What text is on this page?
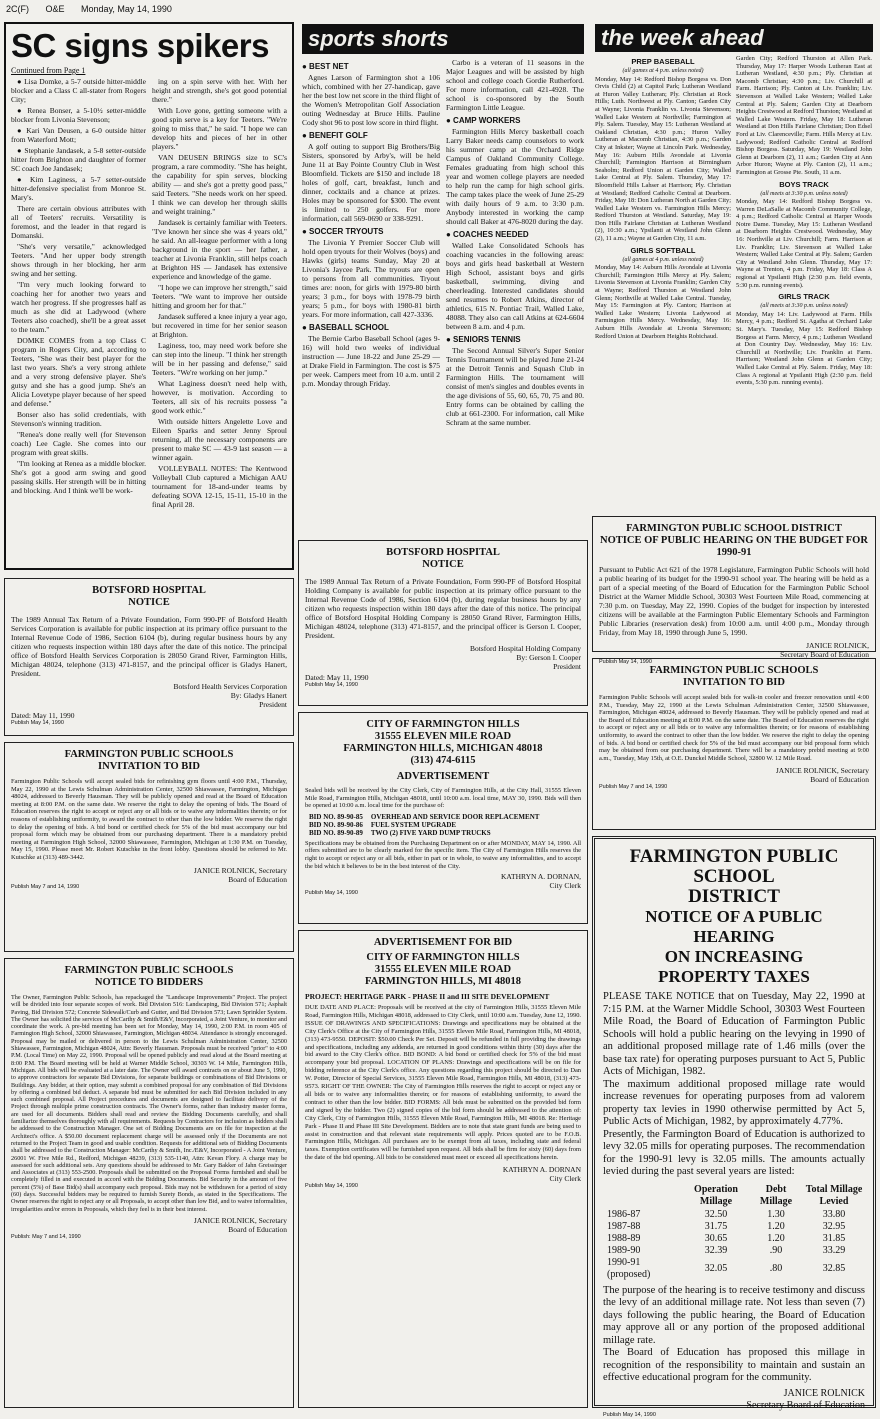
2C(F) O&E Monday, May 14, 1990
SC signs spikers
Continued from Page 1

● Lisa Domke, a 5-7 outside hitter-middle blocker and a Class C all-stater from Rogers City;

● Renea Bonser, a 5-10½ setter-middle blocker from Livonia Stevenson;

● Kari Van Deusen, a 6-0 outside hitter from Waterford Mott;

● Stephanie Jandasek, a 5-8 setter-outside hitter from Brighton and daughter of former SC coach Joe Jandasek;

● Kim Laginess, a 5-7 setter-outside hitter-defensive specialist from Monroe St. Mary's.

There are certain obvious attributes with all of Teeters' recruits. Versatility is foremost, and the leader in that regard is Domanski.

"She's very versatile," acknowledged Teeters. "And her upper body strength shows through in her blocking, her arm swing and her setting.

"I'm very much looking forward to coaching her for another two years and watch her progress. If she progresses half as much as she did at Ladywood (where Teeters also coached), she'll be a great asset to the team."

DOMKE COMES from a top Class C program in Rogers City, and, according to Teeters, "She was their best player for the last two years. She's a very strong athlete and a very strong defensive player. She's gutsy and she has a good jump. She's an Alicia Lovetype player because of her speed and defense."

Bonser also has solid credentials, with Stevenson's winning tradition.

"Renea's done really well (for Stevenson coach) Lee Cagle. She comes into our program with great skills.

"I'm looking at Renea as a middle blocker. She's got a good arm swing and good passing skills. Her strength will be in hitting and blocking. And I think we'll be work-

ing on a spin serve with her. With her height and strength, she's got good potential there."

With Love gone, getting someone with a good spin serve is a key for Teeters. "We're going to miss that," he said. "I hope we can develop hits and pieces of her in other players."

VAN DEUSEN BRINGS size to SC's program, a rare commodity. "She has height, the capability for spin serves, blocking ability — and she's got a pretty good pass," said Teeters. "She needs work on her speed. I think we can develop her through skills and weight training."

Jandasek is certainly familiar with Teeters. "I've known her since she was 4 years old," he said. An all-league performer with a long background in the sport — her father, a teacher at Livonia Franklin, still helps coach at Brighton HS — Jandasek has extensive experience and knowledge of the game.

"I hope we can improve her strength," said Teeters. "We want to improve her outside hitting and groom her for that."

Jandasek suffered a knee injury a year ago, but recovered in time for her senior season at Brighton.

Laginess, too, may need work before she can step into the lineup. "I think her strength will be in her passing and defense," said Teeters. "We're working on her jump."

What Laginess doesn't need help with, however, is motivation. According to Teeters, all six of his recruits possess "a good work ethic."

With outside hitters Angelette Love and Eileen Sparks and setter Jenny Sproul returning, all the necessary components are present to make SC — 43-9 last season — a winner again.

VOLLEYBALL NOTES: The Kentwood Volleyball Club captured a Michigan AAU tournament for 18-and-under teams by defeating SOVA 12-15, 15-11, 15-10 in the final April 28.

sports shorts
● BEST NET
Agnes Larson of Farmington shot a 106 which, combined with her 27-handicap, gave her the best low net score in the third flight of the Women's Metropolitan Golf Association outing Wednesday at Bruce Hills. Pauline Cody shot 96 to post low score in third flight.
● BENEFIT GOLF
A golf outing to support Big Brothers/Big Sisters, sponsored by Arby's, will be held June 11 at Bay Pointe Country Club in West Bloomfield. Tickets are $150 and include 18 holes of golf, cart, breakfast, lunch and dinner, cocktails and a chance at prizes. Holes may be sponsored for $300. The event is limited to 250 golfers. For more information, call 569-0690 or 338-9291.
● SOCCER TRYOUTS
The Livonia Y Premier Soccer Club will hold open tryouts for their Wolves (boys) and Hawks (girls) teams Sunday, May 20 at Livonia's Jaycee Park. The tryouts are open to persons from all communities. Tryout times are: noon, for girls with 1979-80 birth years; 3 p.m., for boys with 1978-79 birth years; 5 p.m., for boys with 1980-81 birth years. For more information, call 427-3336.
● BASEBALL SCHOOL
The Bernie Carbo Baseball School (ages 9-16) will hold two weeks of individual instruction — June 18-22 and June 25-29 — at Drake Field in Farmington. The cost is $75 per week. Campers meet from 10 a.m. until 2 p.m. Monday through Friday.
Carbo is a veteran of 11 seasons in the Major Leagues and will be assisted by high school and college coach Gordie Rutherford. For more information, call 421-4928. The school is co-sponsored by the South Farmington Little League.
● CAMP WORKERS
Farmington Hills Mercy basketball coach Larry Baker needs camp counselors to work his summer camp at the Orchard Ridge Campus of Oakland Community College. Females graduating from high school this year and women college players are needed to help run the camp for high school girls. The camp takes place the week of June 25-29 with daily hours of 9 a.m. to 3:30 p.m. Anybody interested in working the camp should call Baker at 476-8020 during the day.
● COACHES NEEDED
Walled Lake Consolidated Schools has coaching vacancies in the following areas: boys and girls head basketball at Western High School, assistant boys and girls basketball, swimming, diving and cheerleading. Interested candidates should send resumes to Robert Atkins, director of athletics, 615 N. Pontiac Trail, Walled Lake, 48088. They also can call Atkins at 624-6604 between 8 a.m. and 4 p.m.
● SENIORS TENNIS
The Second Annual Silver's Super Senior Tennis Tournament will be played June 21-24 at the Detroit Tennis and Squash Club in Farmington Hills. The tournament will consist of men's singles and doubles events in the age divisions of 55, 60, 65, 70, 75 and 80. Entry forms can be obtained by calling the club at 661-2300. For information, call Mike Schram at the same number.
the week ahead
PREP BASEBALL
(all games at 4 p.m. unless noted)
Monday, May 14: Redford Bishop Borgess vs. Don Orvis Child (2) at Capitol Park; Lutheran Westland at Huron Valley Lutheran; Ply. Christian at Rock Hills; Luth. Northwest at Ply. Canton; Garden City at Wayne; Livonia Franklin vs. Livonia Stevenson; Walled Lake Western at Northville; Farmington at Ply. Salem. Tuesday, May 15: Lutheran Westland at Oakland Christian, 4:30 p.m.; Huron Valley Lutheran at Macomb Christian, 4:30 p.m.; Garden City at Inkster; Wayne at Lincoln Park. Wednesday, May 16: Auburn Hills Avondale at Livonia Churchill; Farmington Harrison at Birmingham Seaholm; Redford Union at Garden City; Walled Lake Central at Ply. Salem. Thursday, May 17: Bloomfield Hills Lahser at Harrison; Ply. Christian at Westland; Redford Catholic Central at Dearborn. Friday, May 18: Don Lutheran North at Garden City; Walled Lake Western vs. Farmington Hills Mercy; Redford Thurston at Westland. Saturday, May 19: Don Hills Fairlane Christian at Lutheran Westland (2), 10:30 a.m.; Ypsilanti at Westland John Glenn (2), 11 a.m.; Wayne at Garden City, 11 a.m.
GIRLS SOFTBALL
(all games at 4 p.m. unless noted)
Monday, May 14: Auburn Hills Avondale at Livonia Churchill; Farmington Hills Mercy at Ply. Salem; Livonia Stevenson at Livonia Franklin; Garden City at Wayne; Redford Thurston at Westland John Glenn; Northville at Walled Lake Central. Tuesday, May 15: Farmington at Ply. Canton; Harrison at Walled Lake Western; Livonia Ladywood at Farmington Hills Mercy. Wednesday, May 16: Auburn Hills Avondale at Livonia Stevenson; Redford Union at Dearborn Heights Robichaud.
Garden City; Redford Thurston at Allen Park. Thursday, May 17: Harper Woods Lutheran East at Lutheran Westland, 4:30 p.m.; Ply. Christian at Macomb Christian; 4:30 p.m.; Liv. Churchill at Farm. Harrison; Ply. Canton at Liv. Franklin; Liv. Stevenson at Walled Lake Western; Walled Lake Central at Ply. Salem; Garden City at Dearborn Heights Crestwood at Redford Thurston; Westland at Walled Lake Western. Friday, May 18: Lutheran Westland at Don Hills Fairlane Christian; Don Edsel Ford at Liv. Clarenceville; Farm. Hills Mercy at Liv. Ladywood; Redford Catholic Central at Redford Bishop Borgess. Saturday, May 19: Westland John Glenn at Dearborn (2), 11 a.m.; Garden City at Ann Arbor Huron; Wayne at Ply. Canton (2), 11 a.m.; Farmington at Grosse Pte. South, 11 a.m.
BOYS TRACK
(all meets at 3:30 p.m. unless noted)
Monday, May 14: Redford Bishop Borgess vs. Warren DeLaSalle at Macomb Community College, 4 p.m.; Redford Catholic Central at Harper Woods Notre Dame. Tuesday, May 15: Lutheran Westland at Dearborn Heights Crestwood. Wednesday, May 16: Northville at Liv. Churchill; Farm. Harrison at Liv. Franklin; Liv. Stevenson at Walled Lake Western; Walled Lake Central at Ply. Salem; Garden City at Westland John Glenn. Thursday, May 17: Wayne at Trenton, 4 p.m. Friday, May 18: Class A regional at Ypsilanti High (2:30 p.m. field events, 5:30 p.m. running events).
GIRLS TRACK
(all meets at 3:30 p.m. unless noted)
Monday, May 14: Liv. Ladywood at Farm. Hills Mercy, 4 p.m.; Redford St. Agatha at Orchard Lake St. Mary's. Tuesday, May 15: Redford Bishop Borgess at Farm. Mercy, 4 p.m.; Lutheran Westland at Don Country Day. Wednesday, May 16: Liv. Churchill at Northville; Liv. Franklin at Farm. Harrison; Westland John Glenn at Garden City; Walled Lake Central at Ply. Salem. Friday, May 18: Class A regional at Ypsilanti High (2:30 p.m. field events, 5:30 p.m. running events).
FARMINGTON PUBLIC SCHOOL DISTRICT
NOTICE OF PUBLIC HEARING ON THE BUDGET FOR 1990-91
Pursuant to Public Act 621 of the 1978 Legislature, Farmington Public Schools will hold a public hearing of its budget for the 1990-91 school year. The hearing will be held as a part of a special meeting of the Board of Education for the Farmington Public School District at the Warner Middle School, 30303 West Fourteen Mile Road, commencing at 7:30 p.m. on Tuesday, May 22, 1990. Copies of the budget for inspection by interested citizens will be available at the Farmington Public Elementary Schools and Farmington Public Libraries (reservation desk) from 10:00 a.m. until 4:00 p.m., Monday through Friday, from May 18, 1990 through June 5, 1990.
JANICE ROLNICK,
Secretary Board of Education
Publish May 14, 1990
BOTSFORD HOSPITAL
NOTICE
The 1989 Annual Tax Return of a Private Foundation, Form 990-PF of Botsford Health Services Corporation is available for public inspection at its primary office pursuant to the Internal Revenue Code of 1986, Section 6104 (b), during regular business hours by any citizen who requests inspection within 180 days after the date of this notice. The principal office of Botsford Health Services Corporation is 28050 Grand River, Farmington Hills, Michigan 48024, telephone (313) 471-8157, and the principal officer is Gladys Hanert, President.
Botsford Health Services Corporation
By: Gladys Hanert
President
Dated: May 11, 1990
Publish May 14, 1990
BOTSFORD HOSPITAL
NOTICE
The 1989 Annual Tax Return of a Private Foundation, Form 990-PF of Botsford Hospital Holding Company is available for public inspection at its primary office pursuant to the Internal Revenue Code of 1986, Section 6104 (b), during regular business hours by any citizen who requests inspection within 180 days after the date of this notice. The principal office of Botsford Hospital Holding Company is 28050 Grand River, Farmington Hills, Michigan 48024, telephone (313) 471-8157, and the principal officer is Gerson I. Cooper, President.
Botsford Hospital Holding Company
By: Gerson I. Cooper
President
Dated: May 11, 1990
Publish May 14, 1990
FARMINGTON PUBLIC SCHOOLS
INVITATION TO BID
Farmington Public Schools will accept sealed bids for refinishing gym floors until 4:00 P.M., Thursday, May 22, 1990 at the Lewis Schulman Administration Center, 32500 Shiawassee, Farmington, Michigan 48024, addressed to Beverly Hausman. They will be publicly opened and read at the Board of Education meeting at 8:00 P.M. on the same date. We reserve the right to delay the opening of bids. The Board of Education reserves the right to accept or reject any or all bids or to waive any informalities therein; or for reasons of establishing uniformity, to award the contract to other than the low bidder. We reserve the right to delay the opening of bids. A bid bond or certified check for 5% of the bid must accompany our bid proposal form which may be obtained from our purchasing department. There is a mandatory prebid meeting at Farmington High School, 32000 Shiawassee, Farmington, Michigan at 1:30 P.M. on Tuesday, May 15, 1990. Please meet Mr. Robert Kutschke in the front lobby. Questions should be referred to Mr. Kutschke at (313) 489-3442.
JANICE ROLNICK, Secretary
Board of Education
Publish May 7 and 14, 1990
CITY OF FARMINGTON HILLS
31555 ELEVEN MILE ROAD
FARMINGTON HILLS, MICHIGAN 48018
(313) 474-6115
ADVERTISEMENT
Sealed bids will be received by the City Clerk, City of Farmington Hills, at the City Hall, 31555 Eleven Mile Road, Farmington Hills, Michigan 48018, until 10:00 a.m. local time, MAY 30, 1990. Bids will then be opened at 10:00 a.m. local time for the purchase of:
BID NO. 89-90-85	OVERHEAD AND SERVICE DOOR REPLACEMENT
BID NO. 89-90-86	FUEL SYSTEM UPGRADE
BID NO. 89-90-89	TWO (2) FIVE YARD DUMP TRUCKS
Specifications may be obtained from the Purchasing Department on or after MONDAY, MAY 14, 1990. All offers submitted are to be clearly marked for the specific item. The City of Farmington Hills reserves the right to accept or reject any or all bids, either in part or in whole, to waive any informalities, and to accept the bid which it believes to be in the best interest of the City.
KATHRYN A. DORNAN,
City Clerk
Publish May 14, 1990
FARMINGTON PUBLIC SCHOOLS
INVITATION TO BID
Farmington Public Schools will accept sealed bids for walk-in cooler and freezer renovation until 4:00 P.M., Tuesday, May 22, 1990 at the Lewis Schulman Administration Center, 32500 Shiawassee, Farmington, Michigan 48024, addressed to Beverly Hausman. They will be publicly opened and read at the Board of Education meeting at 8:00 P.M. on the same date. The Board of Education reserves the right to accept or reject any or all bids or to waive any informalities therein; or for reasons of establishing uniformity, to award the contract to other than the low bidder. We reserve the right to delay the opening of bids. A bid bond or certified check for 5% of the bid must accompany our bid proposal form which may be obtained from our purchasing department. There will be a mandatory prebid meeting at 9:00 a.m., Tuesday, May 15th, at O.E. Dunckel Middle School, 32800 W. 12 Mile Road.
JANICE ROLNICK, Secretary
Board of Education
Publish May 7 and 14, 1990
FARMINGTON PUBLIC SCHOOL
DISTRICT
NOTICE OF A PUBLIC HEARING
ON INCREASING
PROPERTY TAXES
PLEASE TAKE NOTICE that on Tuesday, May 22, 1990 at 7:15 P.M. at the Warner Middle School, 30303 West Fourteen Mile Road, the Board of Education of Farmington Public Schools will hold a public hearing on the levying in 1990 of an additional proposed millage rate of 1.46 mills (over the base tax rate) for operating purposes pursuant to Act 5, Public Acts of Michigan, 1982.
The maximum additional proposed millage rate would increase revenues for operating purposes from ad valorem property tax levies in 1990 otherwise permitted by Act 5, Public Acts of Michigan, 1982, by approximately 4.77%.
Presently, the Farmington Board of Education is authorized to levy 32.05 mills for operating purposes. The recommendation for the 1990-91 levy is 32.05 mills. The amounts actually levied during the past several years are listed:
	Operation Millage	Debt Millage	Total Millage Levied
1986-87	32.50	1.30	33.80
1987-88	31.75	1.20	32.95
1988-89	30.65	1.20	31.85
1989-90	32.39	.90	33.29
1990-91 (proposed)	32.05	.80	32.85
The purpose of the hearing is to receive testimony and discuss the levy of an additional millage rate. Not less than seven (7) days following the public hearing, the Board of Education may approve all or any portion of the proposed additional millage rate.
The Board of Education has proposed this millage in recognition of the responsibility to maintain and sustain an effective educational program for the community.
JANICE ROLNICK
Secretary Board of Education
Publish May 14, 1990
FARMINGTON PUBLIC SCHOOLS
NOTICE TO BIDDERS
The Owner, Farmington Public Schools, has repackaged the "Landscape Improvements" Project. The project will be divided into four separate scopes of work. Bid Division 516: Landscaping, Bid Division 571; Asphalt Paving, Bid Division 572; Concrete Sidewalk/Curb and Gutter, and Bid Division 573; Lawn Sprinkler System. The Owner has solicited the services of McCarthy & Smith/E&V, Incorporated, a Joint Venture, to monitor and coordinate the work. A pre-bid meeting has been set for Monday, May 14, 1990, 2:00 P.M. in room 405 of Farmington High School, 32000 Shiawassee, Farmington, Michigan 48034. Attendance is strongly encouraged. Proposal may be mailed or delivered in person to the Lewis Schulman Administration Center, 32500 Shiawassee, Farmington, Michigan 48024, Attn: Beverly Hausman. Proposals must be received "prior" to 4:00 P.M. (Local Time) on May 22, 1990. Proposal will be opened publicly and read aloud at the Board meeting at 8:00 P.M. The Board meeting will be held at Warner Middle School, 30303 W. 14 Mile, Farmington Hills, Michigan. All bids will be evaluated at a later date. The Owner will award contracts on or about June 5, 1990, to approve contractors for separate Bid Divisions, for separate buildings or combinations of Bid Divisions or Buildings. Any bidder, at their option, may submit a combined proposal for any combination of Bid Divisions by offering a combined bid deduct. A separate bid must be submitted for each Bid Division included in any such combined proposal. All Project procedures and documents are designed to facilitate delivery of the Project through multiple prime construction contracts. The Owner's forms, rather than industry master forms, are used for all documents. Bidders shall read and review the Bidding Documents carefully, and shall familiarize themselves thoroughly with all requirements. Requests by Contractors for inclusion as bidders shall be addressed to the Construction Manager. One set of Bidding Documents are on file for inspection at the Architect's office. A $50.00 document replacement charge will be assessed only if the Documents are not returned to the Project Team in good and usable condition. Requests for additional sets of Bidding Documents shall be addressed to the Construction Manager: McCarthy & Smith, Inc./E&V, Incorporated - A Joint Venture, 26001 W. Five Mile Rd., Redford, Michigan 48239, (313) 535-1140, Attn: Kevan Flory. A charge may be assessed for such additional sets. Any questions should be addressed to Mr. Gary Bakker of Jahn Greissinger and Associates at (313) 553-2500. Proposals shall be submitted on the Proposal Forms furnished and shall be completely filled in and executed in accord with the Bidding Documents. Bid Security in the amount of five percent (5%) of Base Bid(s) shall accompany each proposal. Bids may not be withdrawn for a period of sixty (60) days. Successful bidders may be required to furnish Surety Bonds, as stated in the Specifications. The Owner reserves the right to reject any or all Proposals, to accept other than low Bid, and to waive informalities, irregularities and/or errors in Proposals, which they feel is in their best interest.
JANICE ROLNICK, Secretary
Board of Education
Publish: May 7 and 14, 1990
ADVERTISEMENT FOR BID
CITY OF FARMINGTON HILLS
31555 ELEVEN MILE ROAD
FARMINGTON HILLS, MI 48018
PROJECT: HERITAGE PARK - PHASE II and III SITE DEVELOPMENT
DUE DATE AND PLACE: Proposals will be received at the city of Farmington Hills, 31555 Eleven Mile Road, Farmington Hills, Michigan 48018, addressed to City Clerk, until 10:00 a.m. Tuesday, June 12, 1990. ISSUE OF DRAWINGS AND SPECIFICATIONS: Drawings and specifications may be obtained at the City Clerk's Office at the City of Farmington Hills, 31555 Eleven Mile Road, Farmington Hills, MI 48018, (313) 473-9550. DEPOSIT: $50.00 Check Per Set. Deposit will be refunded in full providing the drawings and specifications, including any addenda, are returned in good conditions within thirty (30) days after the bid award to the City Clerk's office. BID BOND: A bid bond or certified check for 5% of the bid must accompany your bid proposal. LOCATION OF PLANS: Drawings and specifications will be on file for bidding reference at the City Clerk's office. Any questions regarding this project should be directed to Dan W. Potter, Director of Special Services, 31555 Eleven Mile Road, Farmington Hills, MI 48018, (313) 473-9573. RIGHT OF THE OWNER: The City of Farmington Hills reserves the right to accept or reject any or all bids or to waive any informalities therein; or for reasons of establishing uniformity, to award the contract to other than the low bidder. BID FORMS: All bids must be submitted on the provided bid form and signed by the bidder. Two (2) signed copies of the bid form should be addressed to the attention of: City Clerk, City of Farmington Hills, 31555 Eleven Mile Road, Farmington Hills, MI 48018. Re: Heritage Park - Phase II and Phase III Site Development. Bidders are to note that state grant funds are being used to assist in construction and that relevant state requirements will apply. Prices quoted are to be F.O.B. Farmington Hills, Michigan. All purchases are to be exempt from all taxes, including state and federal taxes. Exemption certificates will be furnished upon request. All bids shall be firm for sixty (60) days from the date of the bid opening. All bids to be considered must meet or exceed all specifications herein.
KATHRYN A. DORNAN
City Clerk
Publish May 14, 1990
